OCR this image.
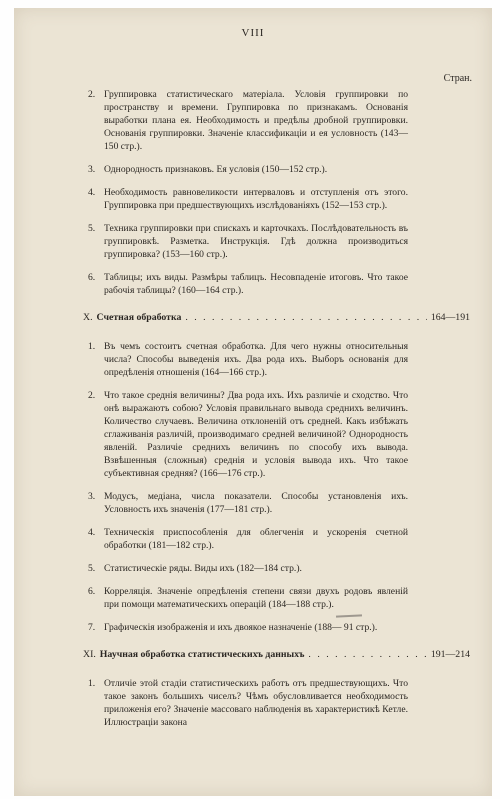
VIII
Стран.
2. Группировка статистическаго матеріала. Условія группировки по пространству и времени. Группировка по признакамъ. Основанія выработки плана ея. Необходимость и предѣлы дробной группировки. Основанія группировки. Значеніе классификаціи и ея условность (143—150 стр.).
3. Однородность признаковъ. Ея условія (150—152 стр.).
4. Необходимость равновеликости интерваловъ и отступленія отъ этого. Группировка при предшествующихъ изслѣдованіяхъ (152—153 стр.).
5. Техника группировки при спискахъ и карточкахъ. Послѣдовательность въ группировкѣ. Разметка. Инструкція. Гдѣ должна производиться группировка? (153—160 стр.).
6. Таблицы; ихъ виды. Размѣры таблицъ. Несовпаденіе итоговъ. Что такое рабочія таблицы? (160—164 стр.).
X. Счетная обработка . . .	164—191
1. Въ чемъ состоитъ счетная обработка. Для чего нужны относительныя числа? Способы выведенія ихъ. Два рода ихъ. Выборъ основанія для опредѣленія отношенія (164—166 стр.).
2. Что такое среднія величины? Два рода ихъ. Ихъ различіе и сходство. Что онѣ выражаютъ собою? Условія правильнаго вывода среднихъ величинъ. Количество случаевъ. Величина отклоненій отъ средней. Какъ избѣжать сглаживанія различій, производимаго средней величиной? Однородность явленій. Различіе среднихъ величинъ по способу ихъ вывода. Взвѣшенныя (сложныя) среднія и условія вывода ихъ. Что такое субъективная средняя? (166—176 стр.).
3. Модусъ, медіана, числа показатели. Способы установленія ихъ. Условность ихъ значенія (177—181 стр.).
4. Техническія приспособленія для облегченія и ускоренія счетной обработки (181—182 стр.).
5. Статистическіе ряды. Виды ихъ (182—184 стр.).
6. Корреляція. Значеніе опредѣленія степени связи двухъ родовъ явленій при помощи математическихъ операцій (184—188 стр.).
7. Графическія изображенія и ихъ двоякое назначеніе (188— 91 стр.).
XI. Научная обработка статистическихъ данныхъ . . .	191—214
1. Отличіе этой стадіи статистическихъ работъ отъ предшествующихъ. Что такое законъ большихъ чиселъ? Чѣмъ обусловливается необходимость приложенія его? Значеніе массоваго наблюденія въ характеристикѣ Кетле. Иллюстраціи закона
